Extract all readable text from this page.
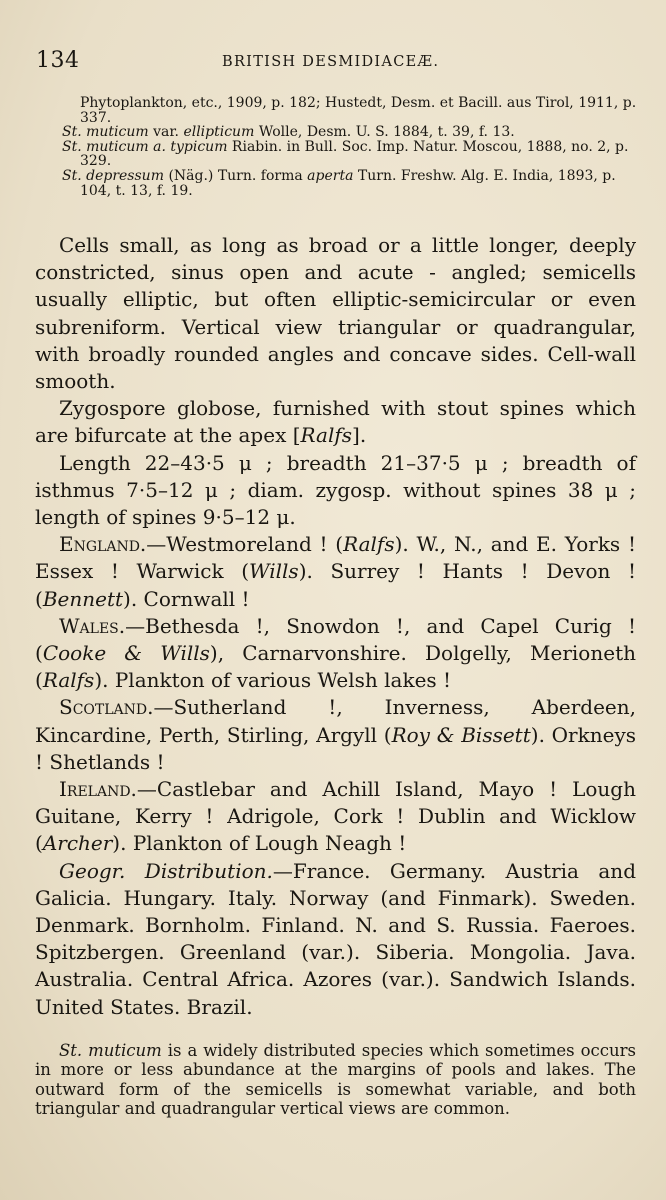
134	BRITISH DESMIDIACEÆ.

Phytoplankton, etc., 1909, p. 182; Hustedt, Desm. et Bacill. aus Tirol, 1911, p. 337.

St. muticum var. ellipticum Wolle, Desm. U. S. 1884, t. 39, f. 13.

St. muticum a. typicum Riabin. in Bull. Soc. Imp. Natur. Moscou, 1888, no. 2, p. 329.

St. depressum (Näg.) Turn. forma aperta Turn. Freshw. Alg. E. India, 1893, p. 104, t. 13, f. 19.

Cells small, as long as broad or a little longer, deeply constricted, sinus open and acute - angled; semicells usually elliptic, but often elliptic-semicircular or even subreniform. Vertical view triangular or quadrangular, with broadly rounded angles and concave sides. Cell-wall smooth.

Zygospore globose, furnished with stout spines which are bifurcate at the apex [Ralfs].

Length 22–43·5 μ ; breadth 21–37·5 μ ; breadth of isthmus 7·5–12 μ ; diam. zygosp. without spines 38 μ ; length of spines 9·5–12 μ.

England.—Westmoreland ! (Ralfs). W., N., and E. Yorks ! Essex ! Warwick (Wills). Surrey ! Hants ! Devon ! (Bennett). Cornwall !

Wales.—Bethesda !, Snowdon !, and Capel Curig ! (Cooke & Wills), Carnarvonshire. Dolgelly, Merioneth (Ralfs). Plankton of various Welsh lakes !

Scotland.—Sutherland !, Inverness, Aberdeen, Kincardine, Perth, Stirling, Argyll (Roy & Bissett). Orkneys ! Shetlands !

Ireland.—Castlebar and Achill Island, Mayo ! Lough Guitane, Kerry ! Adrigole, Cork ! Dublin and Wicklow (Archer). Plankton of Lough Neagh !

Geogr. Distribution.—France. Germany. Austria and Galicia. Hungary. Italy. Norway (and Finmark). Sweden. Denmark. Bornholm. Finland. N. and S. Russia. Faeroes. Spitzbergen. Greenland (var.). Siberia. Mongolia. Java. Australia. Central Africa. Azores (var.). Sandwich Islands. United States. Brazil.

St. muticum is a widely distributed species which sometimes occurs in more or less abundance at the margins of pools and lakes. The outward form of the semicells is somewhat variable, and both triangular and quadrangular vertical views are common.
